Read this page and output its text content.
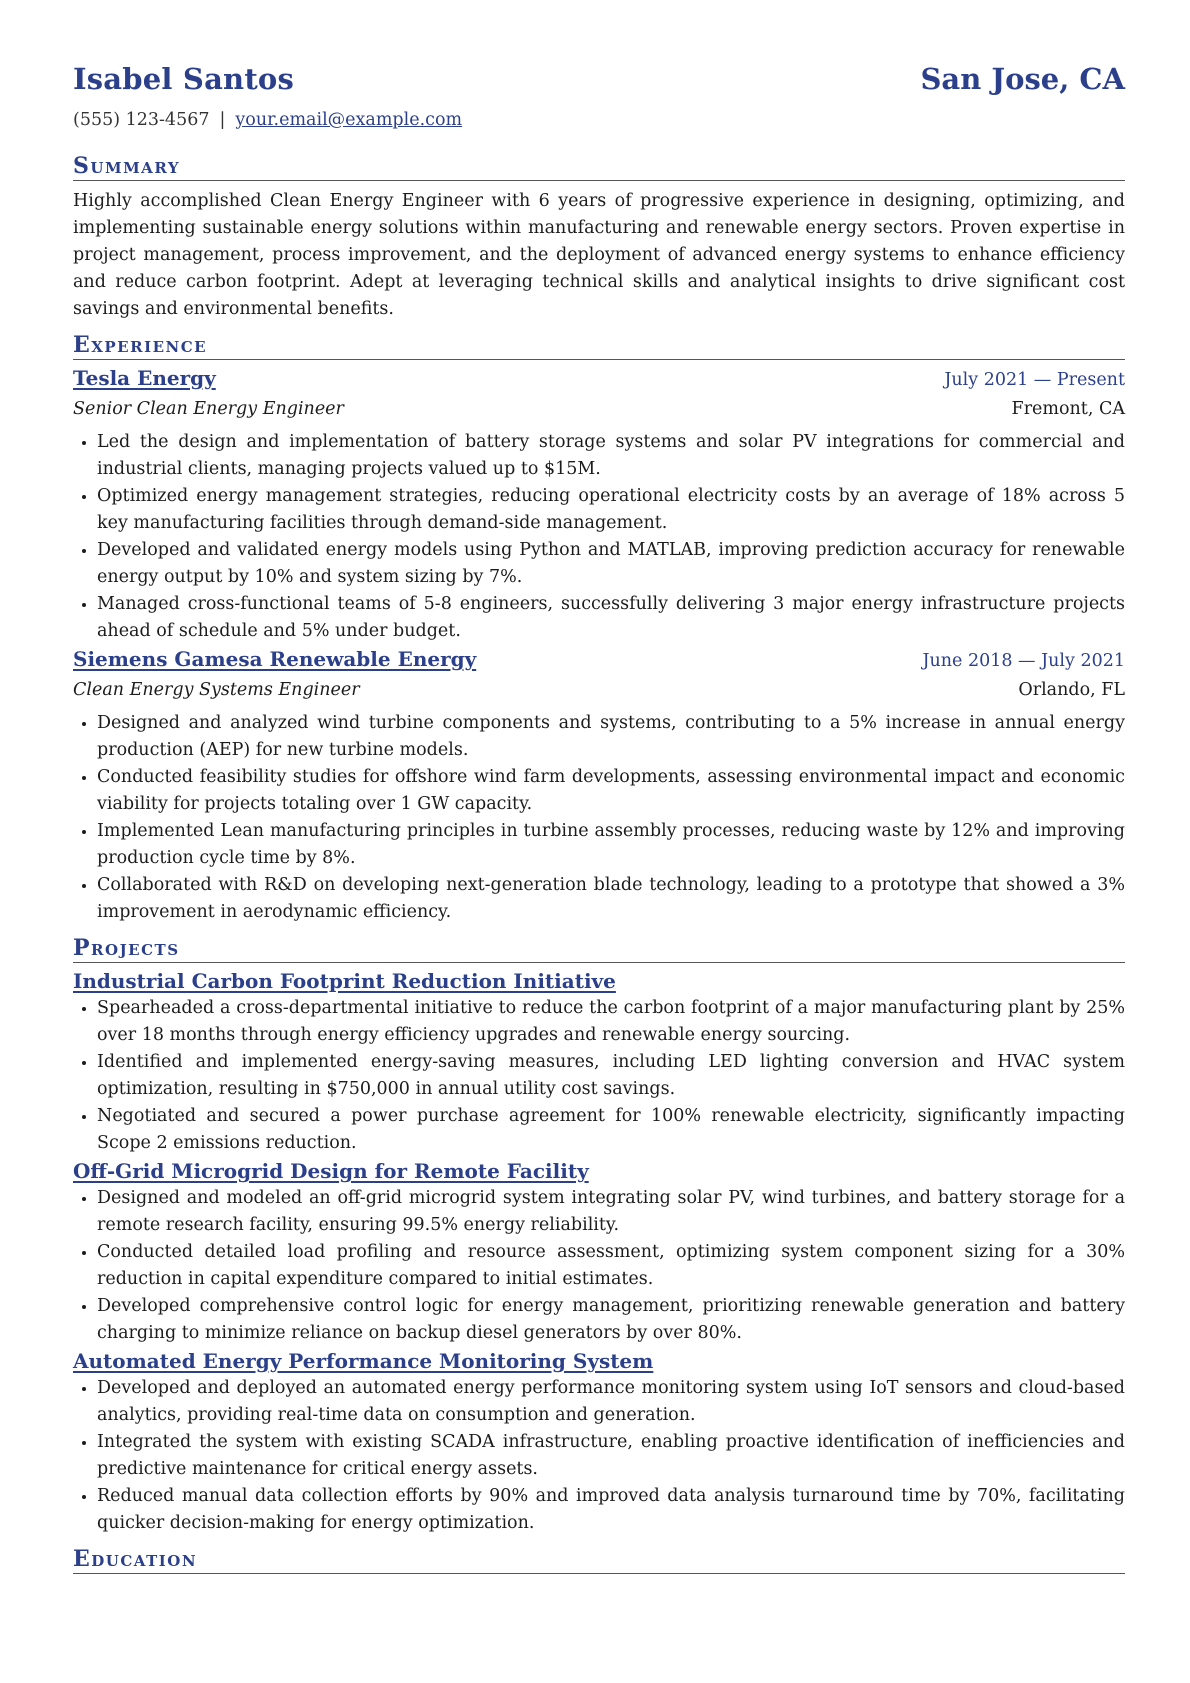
Isabel Santos	San Jose, CA
(555) 123-4567 | your.email@example.com
Summary
Highly accomplished Clean Energy Engineer with 6 years of progressive experience in designing, optimizing, and implementing sustainable energy solutions within manufacturing and renewable energy sectors. Proven expertise in project management, process improvement, and the deployment of advanced energy systems to enhance efficiency and reduce carbon footprint. Adept at leveraging technical skills and analytical insights to drive significant cost savings and environmental benefits.
Experience
Tesla Energy	July 2021 — Present
Senior Clean Energy Engineer	Fremont, CA
• Led the design and implementation of battery storage systems and solar PV integrations for commercial and industrial clients, managing projects valued up to $15M.
• Optimized energy management strategies, reducing operational electricity costs by an average of 18% across 5 key manufacturing facilities through demand-side management.
• Developed and validated energy models using Python and MATLAB, improving prediction accuracy for renewable energy output by 10% and system sizing by 7%.
• Managed cross-functional teams of 5-8 engineers, successfully delivering 3 major energy infrastructure projects ahead of schedule and 5% under budget.
Siemens Gamesa Renewable Energy	June 2018 — July 2021
Clean Energy Systems Engineer	Orlando, FL
• Designed and analyzed wind turbine components and systems, contributing to a 5% increase in annual energy production (AEP) for new turbine models.
• Conducted feasibility studies for offshore wind farm developments, assessing environmental impact and economic viability for projects totaling over 1 GW capacity.
• Implemented Lean manufacturing principles in turbine assembly processes, reducing waste by 12% and improving production cycle time by 8%.
• Collaborated with R&D on developing next-generation blade technology, leading to a prototype that showed a 3% improvement in aerodynamic efficiency.
Projects
Industrial Carbon Footprint Reduction Initiative
• Spearheaded a cross-departmental initiative to reduce the carbon footprint of a major manufacturing plant by 25% over 18 months through energy efficiency upgrades and renewable energy sourcing.
• Identified and implemented energy-saving measures, including LED lighting conversion and HVAC system optimization, resulting in $750,000 in annual utility cost savings.
• Negotiated and secured a power purchase agreement for 100% renewable electricity, significantly impacting Scope 2 emissions reduction.
Off-Grid Microgrid Design for Remote Facility
• Designed and modeled an off-grid microgrid system integrating solar PV, wind turbines, and battery storage for a remote research facility, ensuring 99.5% energy reliability.
• Conducted detailed load profiling and resource assessment, optimizing system component sizing for a 30% reduction in capital expenditure compared to initial estimates.
• Developed comprehensive control logic for energy management, prioritizing renewable generation and battery charging to minimize reliance on backup diesel generators by over 80%.
Automated Energy Performance Monitoring System
• Developed and deployed an automated energy performance monitoring system using IoT sensors and cloud-based analytics, providing real-time data on consumption and generation.
• Integrated the system with existing SCADA infrastructure, enabling proactive identification of inefficiencies and predictive maintenance for critical energy assets.
• Reduced manual data collection efforts by 90% and improved data analysis turnaround time by 70%, facilitating quicker decision-making for energy optimization.
Education
